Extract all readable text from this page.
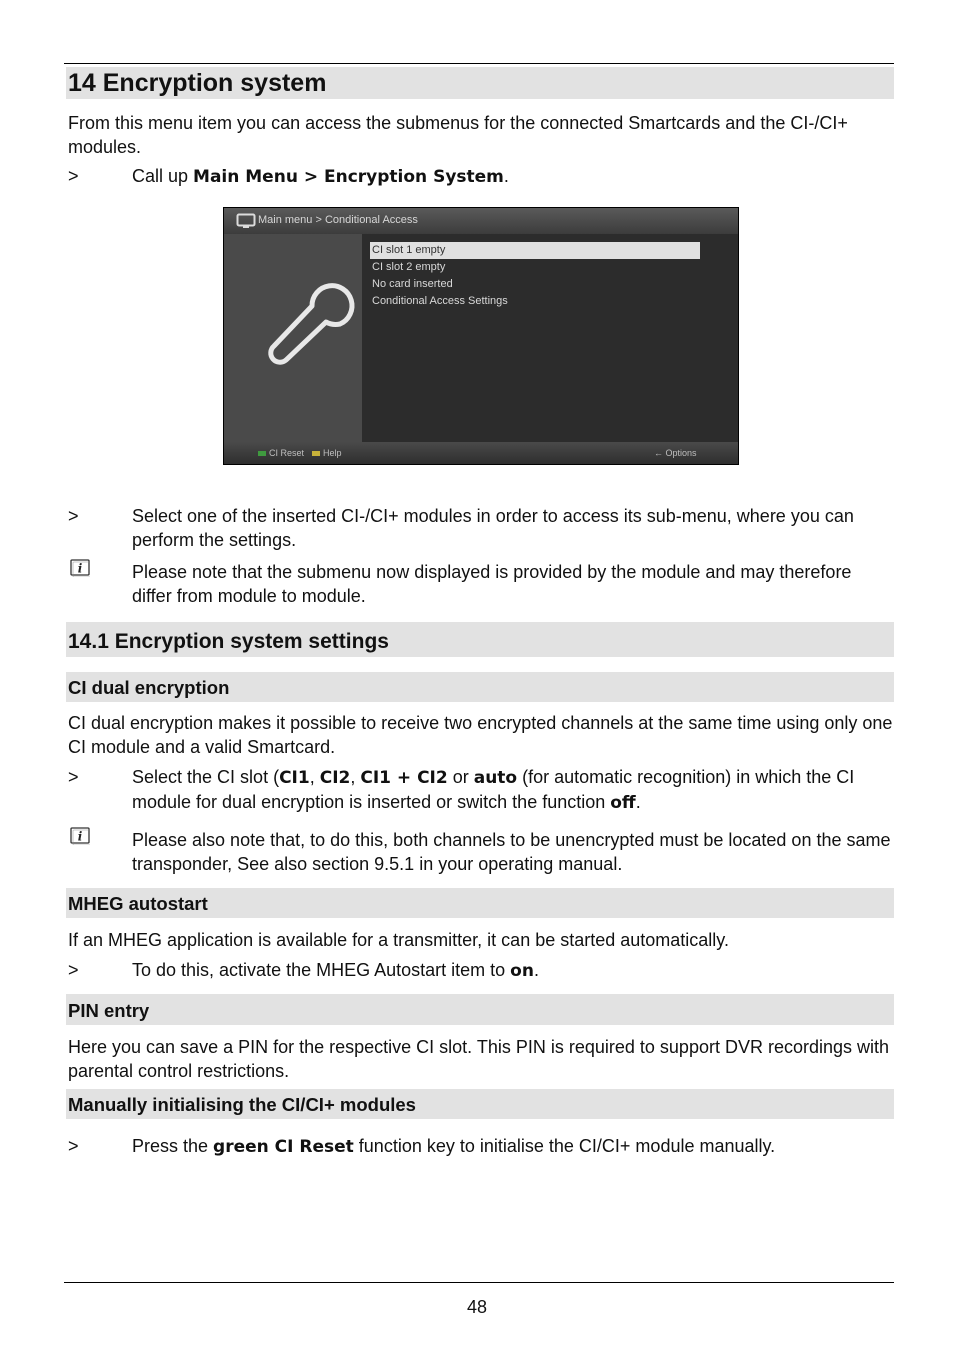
14 Encryption system

From this menu item you can access the submenus for the connected Smartcards and the CI-/CI+ modules.

>	Call up Main Menu > Encryption System.

Main menu > Conditional Access
CI slot 1 empty
CI slot 2 empty
No card inserted
Conditional Access Settings
CI Reset	Help	← Options
>	Select one of the inserted CI-/CI+ modules in order to access its sub-menu, where you can perform the settings.

i	Please note that the submenu now displayed is provided by the module and may therefore differ from module to module.

14.1 Encryption system settings
CI dual encryption

CI dual encryption makes it possible to receive two encrypted channels at the same time using only one CI module and a valid Smartcard.

>	Select the CI slot (CI1, CI2, CI1 + CI2 or auto (for automatic recognition) in which the CI module for dual encryption is inserted or switch the function off.

i	Please also note that, to do this, both channels to be unencrypted must be located on the same transponder, See also section 9.5.1 in your operating manual.

MHEG autostart

If an MHEG application is available for a transmitter, it can be started automatically.

>	To do this, activate the MHEG Autostart item to on.

PIN entry

Here you can save a PIN for the respective CI slot. This PIN is required to support DVR recordings with parental control restrictions.

Manually initialising the CI/CI+ modules
>	Press the green CI Reset function key to initialise the CI/CI+ module manually.

48
